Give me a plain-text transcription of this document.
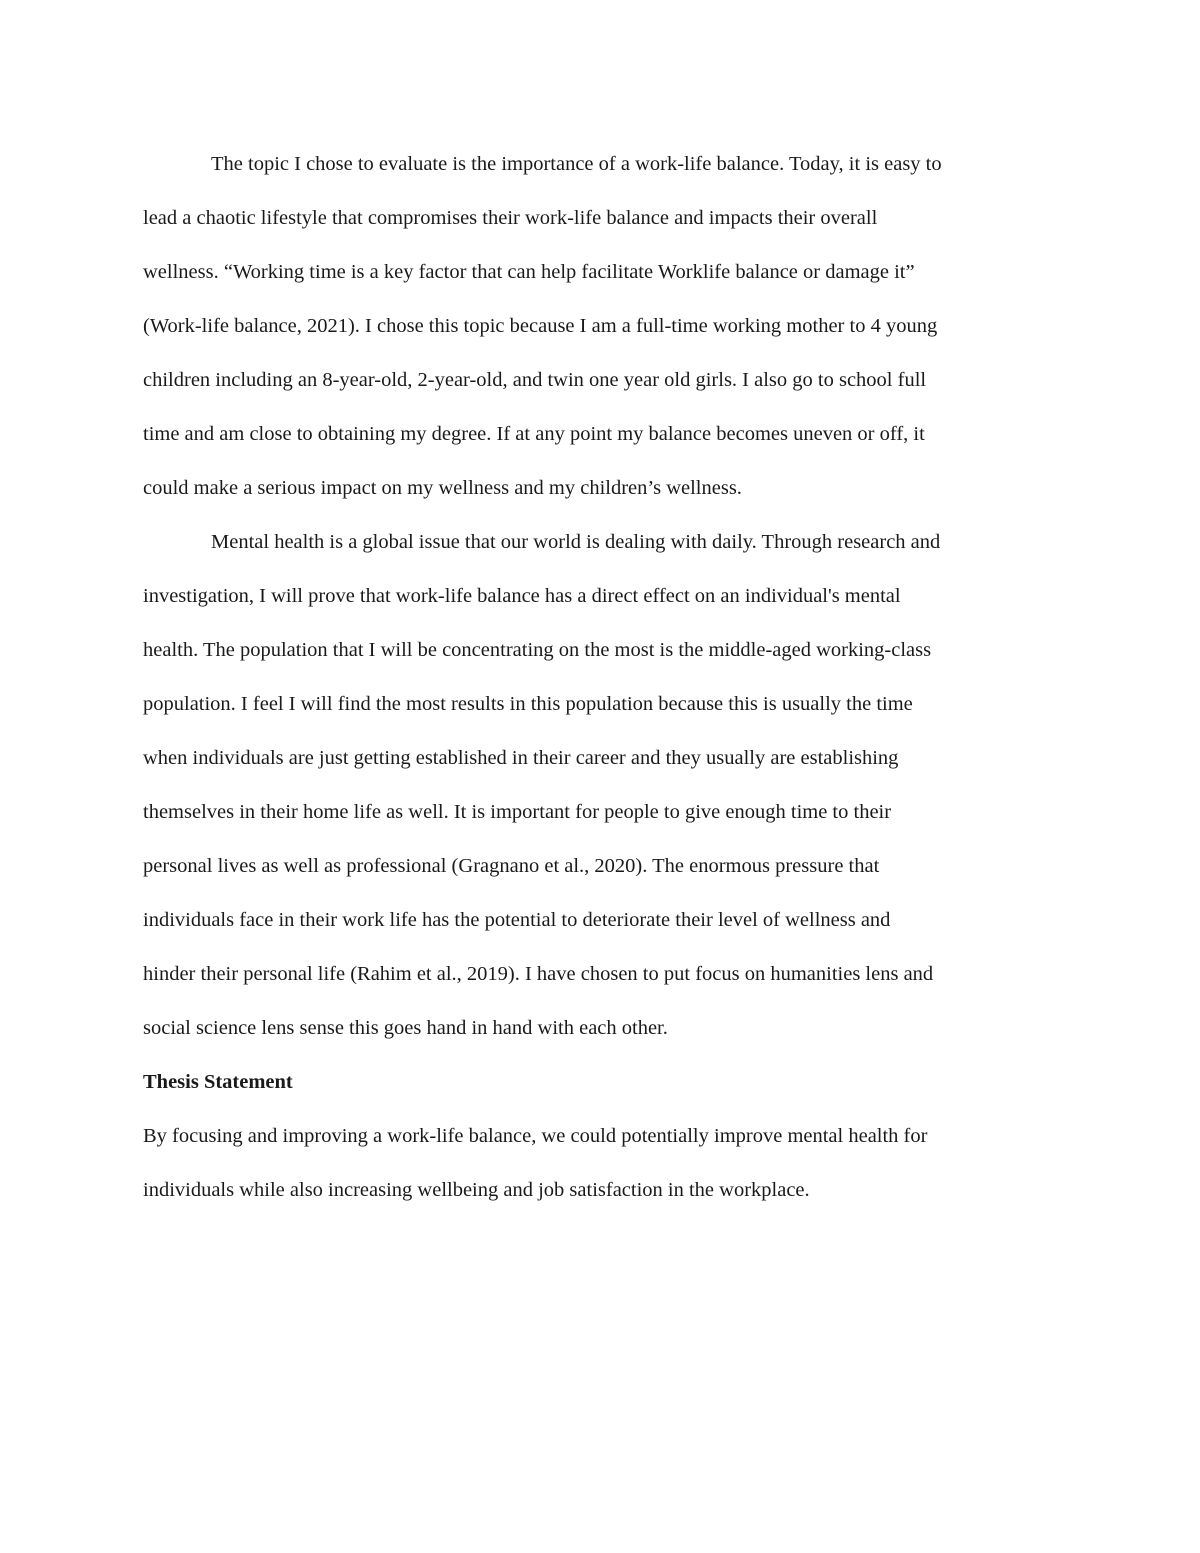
The topic I chose to evaluate is the importance of a work-life balance. Today, it is easy to
lead a chaotic lifestyle that compromises their work-life balance and impacts their overall
wellness. “Working time is a key factor that can help facilitate Worklife balance or damage it”
(Work-life balance, 2021). I chose this topic because I am a full-time working mother to 4 young
children including an 8-year-old, 2-year-old, and twin one year old girls. I also go to school full
time and am close to obtaining my degree. If at any point my balance becomes uneven or off, it
could make a serious impact on my wellness and my children’s wellness.

Mental health is a global issue that our world is dealing with daily. Through research and
investigation, I will prove that work-life balance has a direct effect on an individual's mental
health. The population that I will be concentrating on the most is the middle-aged working-class
population. I feel I will find the most results in this population because this is usually the time
when individuals are just getting established in their career and they usually are establishing
themselves in their home life as well. It is important for people to give enough time to their
personal lives as well as professional (Gragnano et al., 2020). The enormous pressure that
individuals face in their work life has the potential to deteriorate their level of wellness and
hinder their personal life (Rahim et al., 2019). I have chosen to put focus on humanities lens and
social science lens sense this goes hand in hand with each other.

Thesis Statement

By focusing and improving a work-life balance, we could potentially improve mental health for
individuals while also increasing wellbeing and job satisfaction in the workplace.
